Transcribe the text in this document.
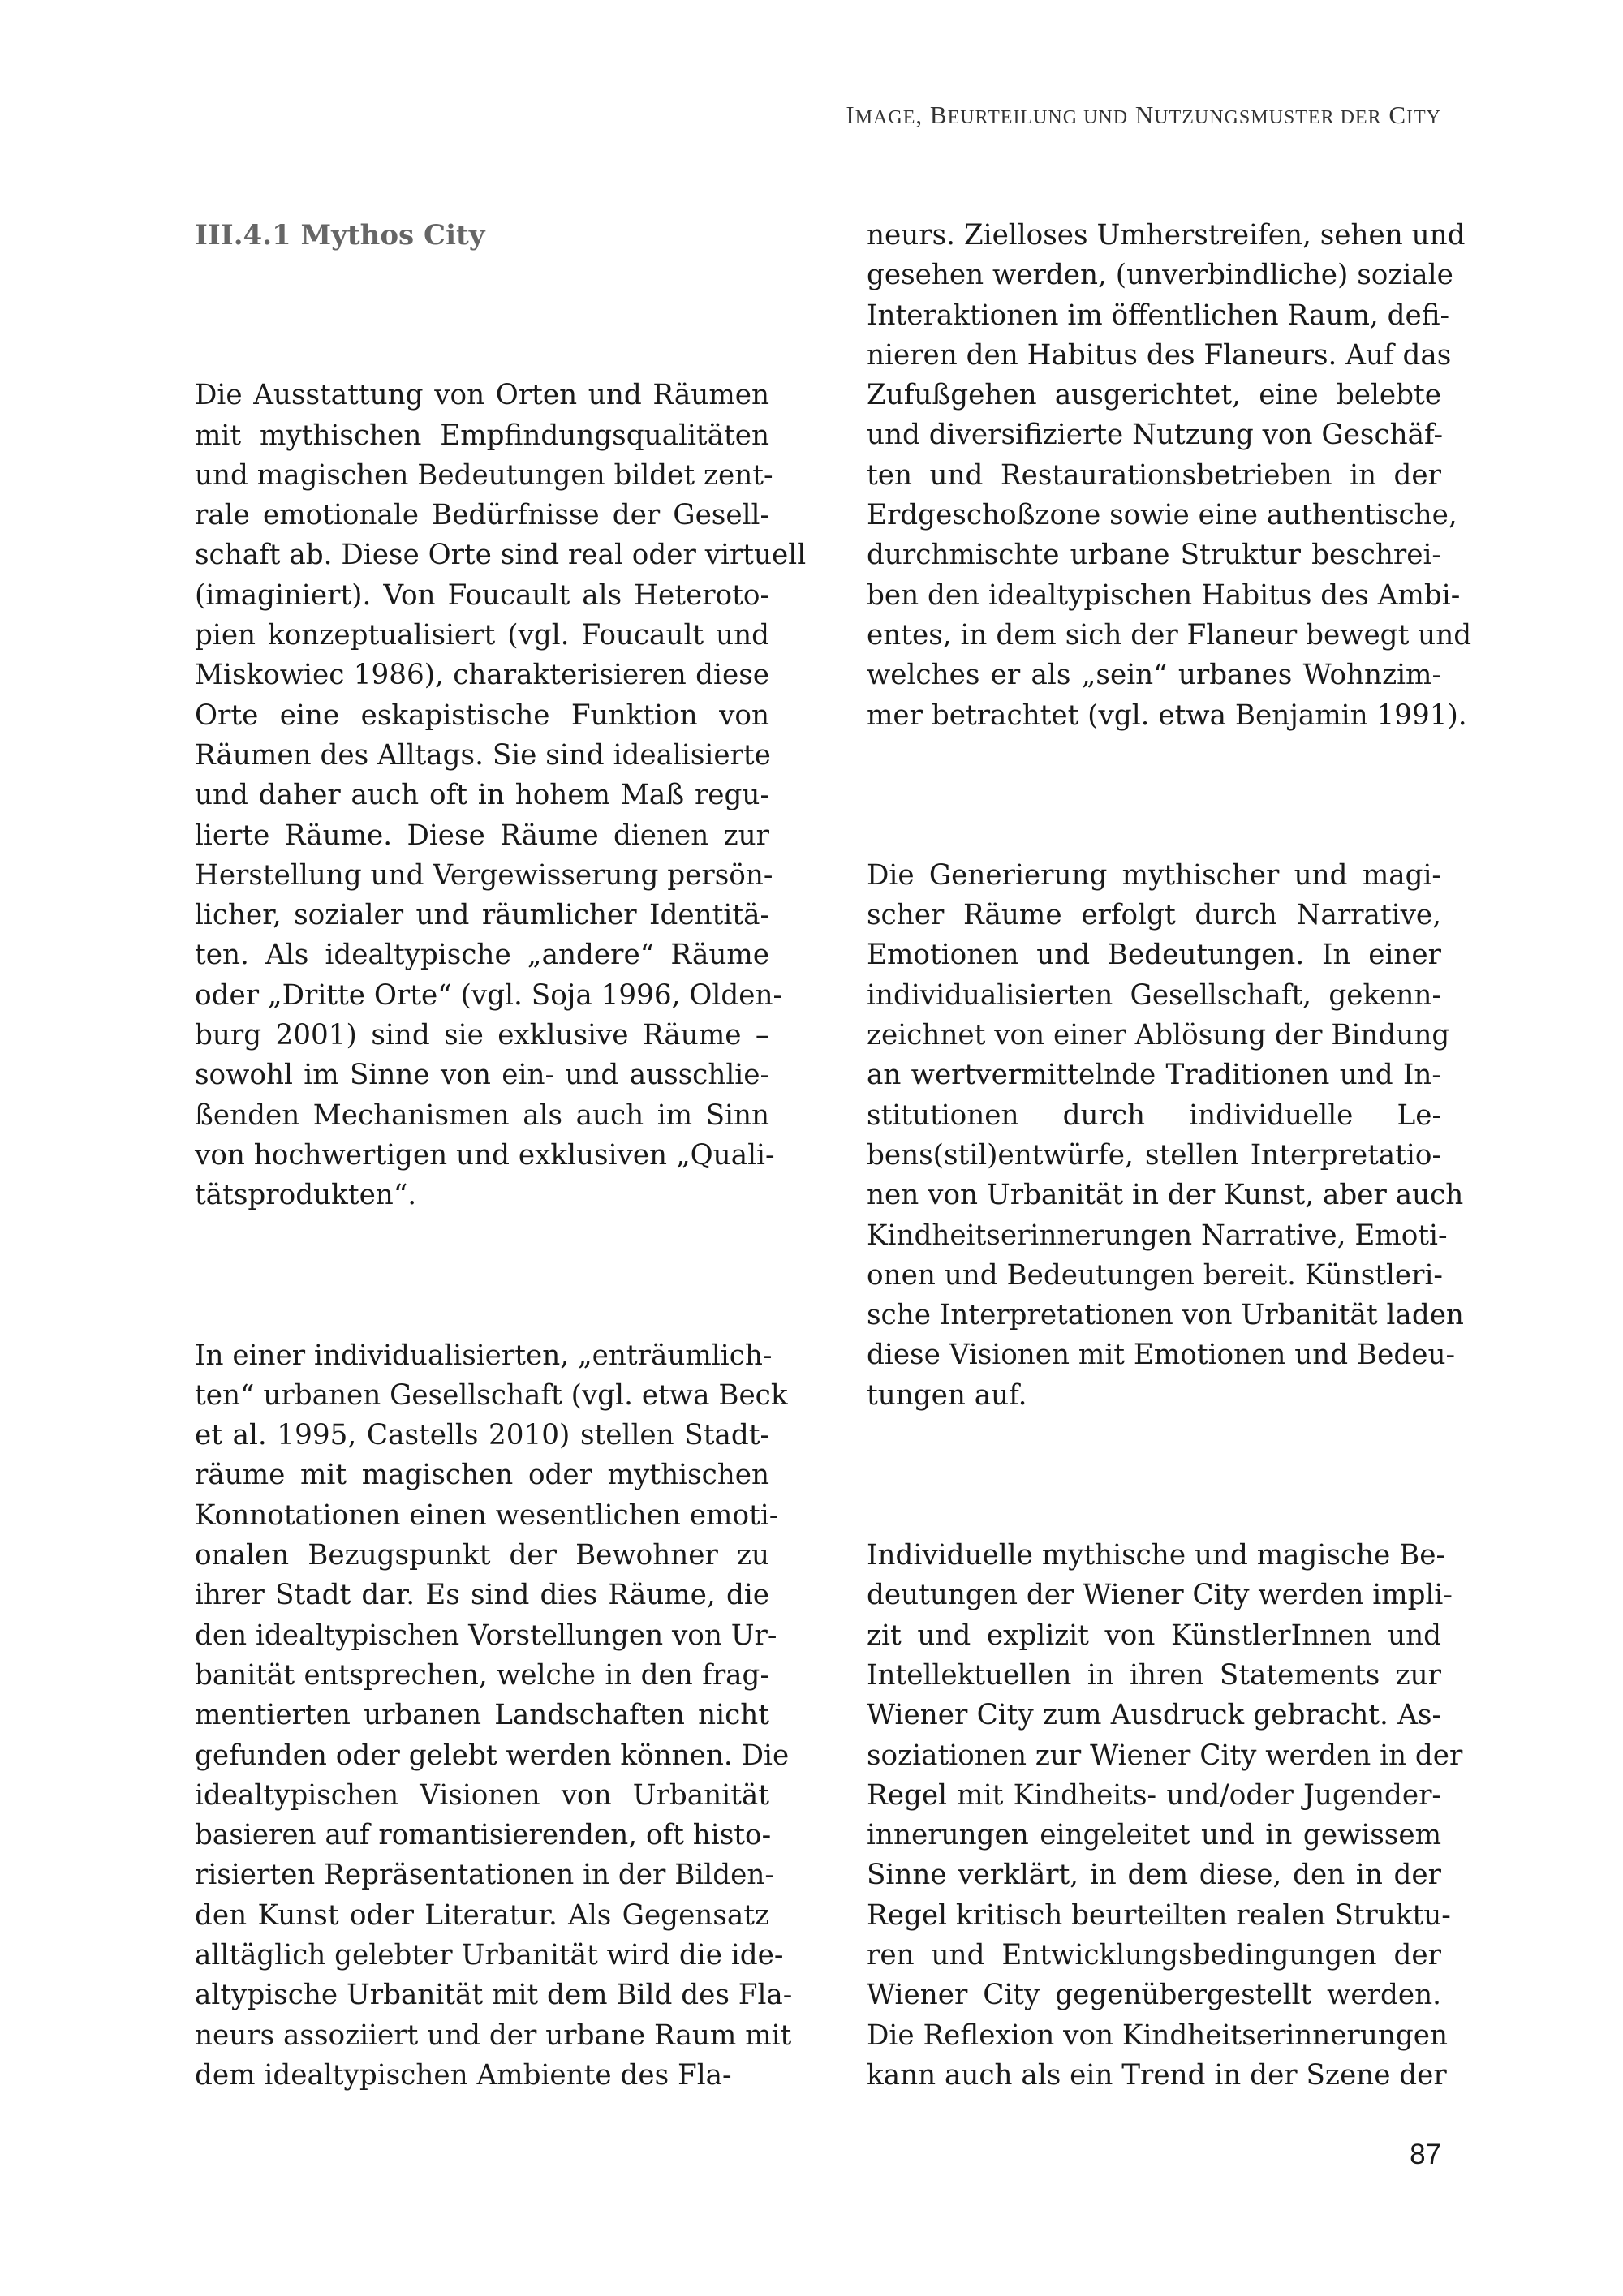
IMAGE, BEURTEILUNG UND NUTZUNGSMUSTER DER CITY
III.4.1 Mythos City
Die Ausstattung von Orten und Räumen
mit mythischen Empfindungsqualitäten
und magischen Bedeutungen bildet zent-
rale emotionale Bedürfnisse der Gesell-
schaft ab. Diese Orte sind real oder virtuell
(imaginiert). Von Foucault als Heteroto-
pien konzeptualisiert (vgl. Foucault und
Miskowiec 1986), charakterisieren diese
Orte eine eskapistische Funktion von
Räumen des Alltags. Sie sind idealisierte
und daher auch oft in hohem Maß regu-
lierte Räume. Diese Räume dienen zur
Herstellung und Vergewisserung persön-
licher, sozialer und räumlicher Identitä-
ten. Als idealtypische „andere“ Räume
oder „Dritte Orte“ (vgl. Soja 1996, Olden-
burg 2001) sind sie exklusive Räume –
sowohl im Sinne von ein- und ausschlie-
ßenden Mechanismen als auch im Sinn
von hochwertigen und exklusiven „Quali-
tätsprodukten“.
In einer individualisierten, „enträumlich-
ten“ urbanen Gesellschaft (vgl. etwa Beck
et al. 1995, Castells 2010) stellen Stadt-
räume mit magischen oder mythischen
Konnotationen einen wesentlichen emoti-
onalen Bezugspunkt der Bewohner zu
ihrer Stadt dar. Es sind dies Räume, die
den idealtypischen Vorstellungen von Ur-
banität entsprechen, welche in den frag-
mentierten urbanen Landschaften nicht
gefunden oder gelebt werden können. Die
idealtypischen Visionen von Urbanität
basieren auf romantisierenden, oft histo-
risierten Repräsentationen in der Bilden-
den Kunst oder Literatur. Als Gegensatz
alltäglich gelebter Urbanität wird die ide-
altypische Urbanität mit dem Bild des Fla-
neurs assoziiert und der urbane Raum mit
dem idealtypischen Ambiente des Fla-
neurs. Zielloses Umherstreifen, sehen und
gesehen werden, (unverbindliche) soziale
Interaktionen im öffentlichen Raum, defi-
nieren den Habitus des Flaneurs. Auf das
Zufußgehen ausgerichtet, eine belebte
und diversifizierte Nutzung von Geschäf-
ten und Restaurationsbetrieben in der
Erdgeschoßzone sowie eine authentische,
durchmischte urbane Struktur beschrei-
ben den idealtypischen Habitus des Ambi-
entes, in dem sich der Flaneur bewegt und
welches er als „sein“ urbanes Wohnzim-
mer betrachtet (vgl. etwa Benjamin 1991).
Die Generierung mythischer und magi-
scher Räume erfolgt durch Narrative,
Emotionen und Bedeutungen. In einer
individualisierten Gesellschaft, gekenn-
zeichnet von einer Ablösung der Bindung
an wertvermittelnde Traditionen und In-
stitutionen durch individuelle Le-
bens(stil)entwürfe, stellen Interpretatio-
nen von Urbanität in der Kunst, aber auch
Kindheitserinnerungen Narrative, Emoti-
onen und Bedeutungen bereit. Künstleri-
sche Interpretationen von Urbanität laden
diese Visionen mit Emotionen und Bedeu-
tungen auf.
Individuelle mythische und magische Be-
deutungen der Wiener City werden impli-
zit und explizit von KünstlerInnen und
Intellektuellen in ihren Statements zur
Wiener City zum Ausdruck gebracht. As-
soziationen zur Wiener City werden in der
Regel mit Kindheits- und/oder Jugender-
innerungen eingeleitet und in gewissem
Sinne verklärt, in dem diese, den in der
Regel kritisch beurteilten realen Struktu-
ren und Entwicklungsbedingungen der
Wiener City gegenübergestellt werden.
Die Reflexion von Kindheitserinnerungen
kann auch als ein Trend in der Szene der
87
